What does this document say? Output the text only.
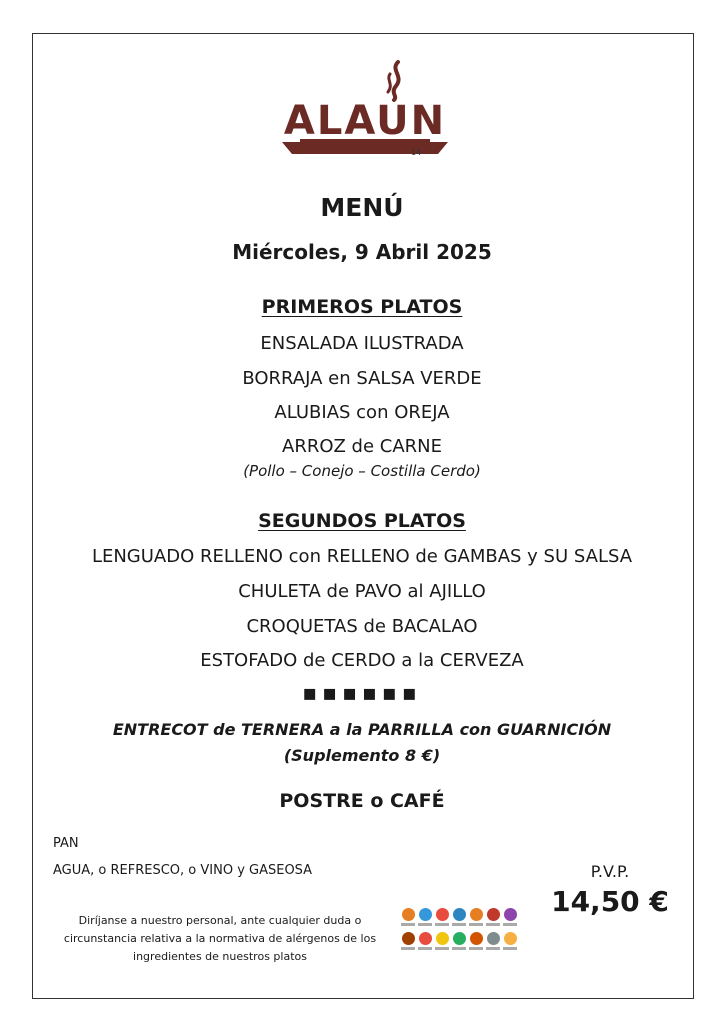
ALAUN
14
MENÚ
Miércoles, 9 Abril 2025
PRIMEROS PLATOS
ENSALADA ILUSTRADA
BORRAJA en SALSA VERDE
ALUBIAS con OREJA
ARROZ de CARNE
(Pollo – Conejo – Costilla Cerdo)
SEGUNDOS PLATOS
LENGUADO RELLENO con RELLENO de GAMBAS y SU SALSA
CHULETA de PAVO al AJILLO
CROQUETAS de BACALAO
ESTOFADO de CERDO a la CERVEZA
▪▪▪▪▪▪
ENTRECOT de TERNERA a la PARRILLA con GUARNICIÓN
(Suplemento 8 €)
POSTRE o CAFÉ
PAN
AGUA, o REFRESCO, o VINO y GASEOSA	P.V.P.
14,50 €
Diríjanse a nuestro personal, ante cualquier duda o
circunstancia relativa a la normativa de alérgenos de los
ingredientes de nuestros platos
